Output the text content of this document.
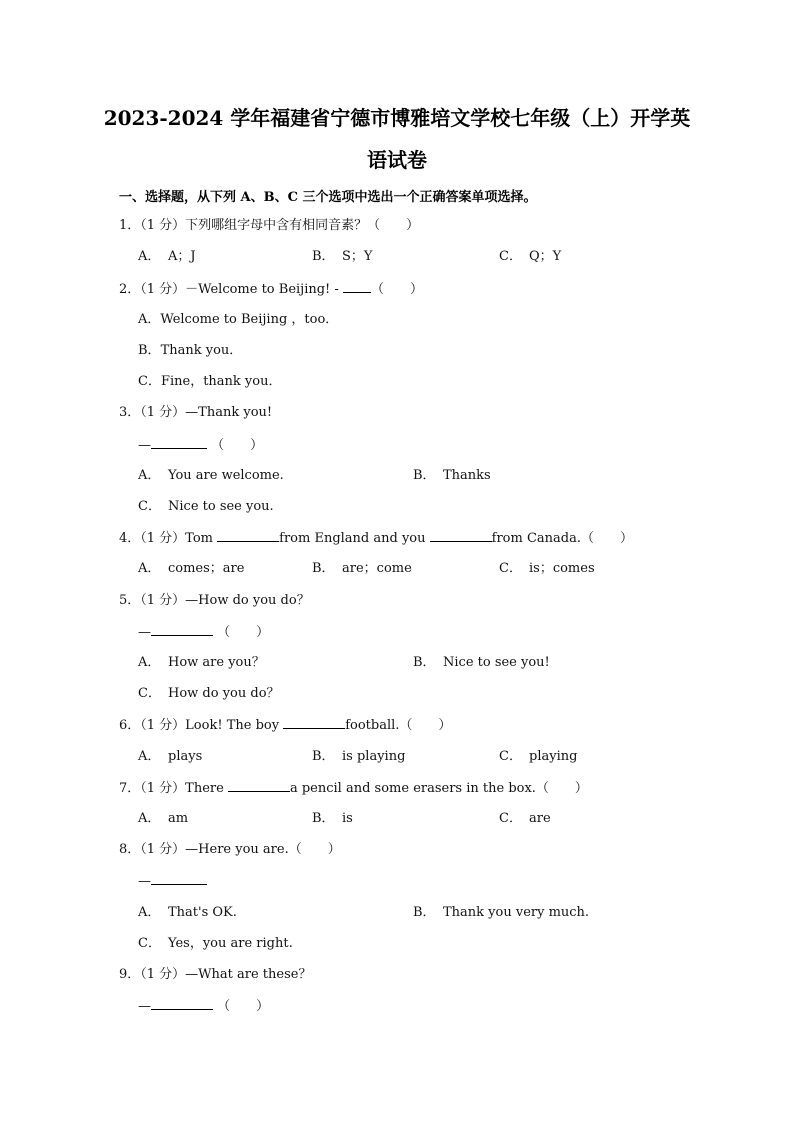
2023-2024 学年福建省宁德市博雅培文学校七年级（上）开学英
语试卷
一、选择题，从下列 A、B、C 三个选项中选出一个正确答案单项选择。
1．（1 分）下列哪组字母中含有相同音素？（　　）
A． A；J	B． S；Y	C． Q；Y
2．（1 分）－Welcome to Beijing! - （　　）
A．Welcome to Beijing ，too．
B．Thank you．
C．Fine，thank you．
3．（1 分）—Thank you!
—	（　　）
A． You are welcome.	B． Thanks
C． Nice to see you.
4．（1 分）Tom	from England and you	from Canada.（　　）
A． comes；are	B． are；come	C． is；comes
5．（1 分）—How do you do？
—	（　　）
A． How are you？	B． Nice to see you!
C． How do you do？
6．（1 分）Look! The boy	football.（　　）
A． plays	B． is playing	C． playing
7．（1 分）There	a pencil and some erasers in the box.（　　）
A． am	B． is	C． are
8．（1 分）—Here you are.（　　）
—
A． That's OK.	B． Thank you very much.
C． Yes，you are right.
9．（1 分）—What are these？
—	（　　）
